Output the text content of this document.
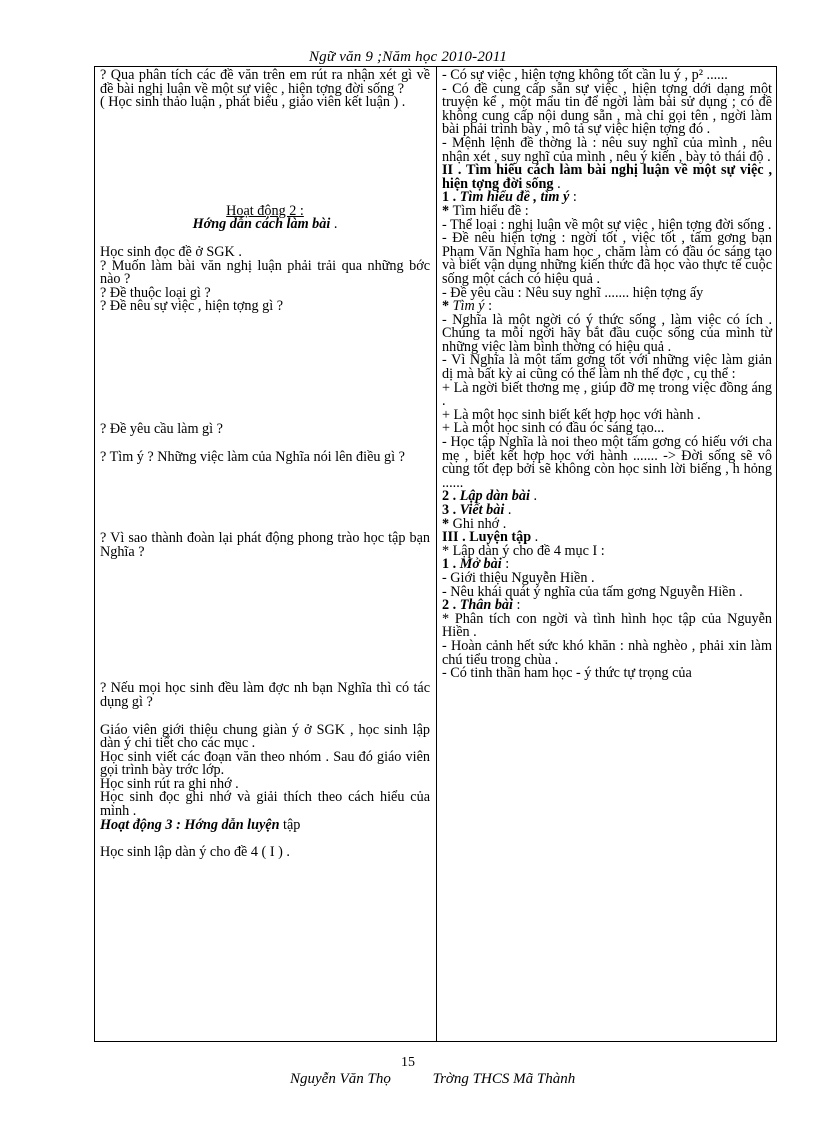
Ngữ văn 9 ;Năm học 2010-2011

? Qua phân tích các đề văn trên em rút ra nhận xét gì về đề bài nghị luận về một sự việc , hiện tợng đời sống ?

( Học sinh thảo luận , phát biểu , giáo viên kết luận ) .

Hoạt động 2 :

Hớng dẫn cách làm bài .

Học sinh đọc đề ở SGK .

? Muốn làm bài văn nghị luận phải trải qua những bớc nào ?

? Đề thuộc loại gì ?

? Đề nêu sự việc , hiện tợng gì ?

? Đề yêu cầu làm gì ?

? Tìm ý ? Những việc làm của Nghĩa nói lên điều gì ?

? Vì sao thành đoàn lại phát động phong trào học tập bạn Nghĩa ?

? Nếu mọi học sinh đều làm đợc nh bạn Nghĩa thì có tác dụng gì ?

Giáo viên giới thiệu chung giàn ý ở SGK , học sinh lập dàn ý chi tiết cho các mục .

Học sinh viết các đoạn văn theo nhóm . Sau đó giáo viên gọi trình bày trớc lớp.

Học sinh rút ra ghi nhớ .

Học sinh đọc ghi nhớ và giải thích theo cách hiểu của mình .

Hoạt động 3 : Hớng dẫn luyện tập

Học sinh lập dàn ý cho đề 4 ( I ) .

- Có sự việc , hiện tợng không tốt cần lu ý , p² ......

- Có đề cung cấp sẵn sự việc , hiện tợng dới dạng một truyện kể , một mẩu tin để ngời làm bài sử dụng ; có đề không cung cấp nội dung sẵn , mà chỉ gọi tên , ngời làm bài phải trình bày , mô tả sự việc hiện tợng đó .

- Mệnh lệnh đề thờng là : nêu suy nghĩ của mình , nêu nhận xét , suy nghĩ của mình , nêu ý kiến , bày tỏ thái độ .

II . Tìm hiểu cách làm bài nghị luận về một sự việc , hiện tợng đời sống .

1 . Tìm hiểu đề , tìm ý :

* Tìm hiểu đề :

- Thể loại : nghị luận về một sự việc , hiện tợng đời sống .

- Đề nêu hiện tợng : ngời tốt , việc tốt , tấm gơng bạn Phạm Văn Nghĩa ham học , chăm làm có đầu óc sáng tạo và biết vận dụng những kiến thức đã học vào thực tế cuộc sống một cách có hiệu quả .

- Đề yêu cầu : Nêu suy nghĩ ....... hiện tợng ấy

* Tìm ý :

- Nghĩa là một ngời có ý thức sống , làm việc có ích . Chúng ta mỗi ngời hãy bắt đầu cuộc sống của mình từ những việc làm bình thờng có hiệu quả .

- Vì Nghĩa là một tấm gơng tốt với những việc làm giản dị mà bất kỳ ai cũng có thể làm nh thế đợc , cụ thể :

+ Là ngời biết thơng mẹ , giúp đỡ mẹ trong việc đồng áng .

+ Là một học sinh biết kết hợp học với hành .

+ Là một học sinh có đầu óc sáng tạo...

- Học tập Nghĩa là noi theo một tấm gơng có hiếu với cha mẹ , biết kết hợp học với hành ....... -> Đời sống sẽ vô cùng tốt đẹp bởi sẽ không còn học sinh lời biếng , h hỏng ......

2 . Lập dàn bài .

3 . Viết bài .

* Ghi nhớ .

III . Luyện tập .

* Lập dàn ý cho đề 4 mục I :

1 . Mở bài :

- Giới thiệu Nguyễn Hiền .

- Nêu khái quát ý nghĩa của tấm gơng Nguyễn Hiền .

2 . Thân bài :

* Phân tích con ngời và tình hình học tập của Nguyễn Hiền .

- Hoàn cảnh hết sức khó khăn : nhà nghèo , phải xin làm chú tiểu trong chùa .

- Có tinh thần ham học - ý thức tự trọng của

15
Nguyễn Văn Thọ	Trờng THCS Mã Thành
